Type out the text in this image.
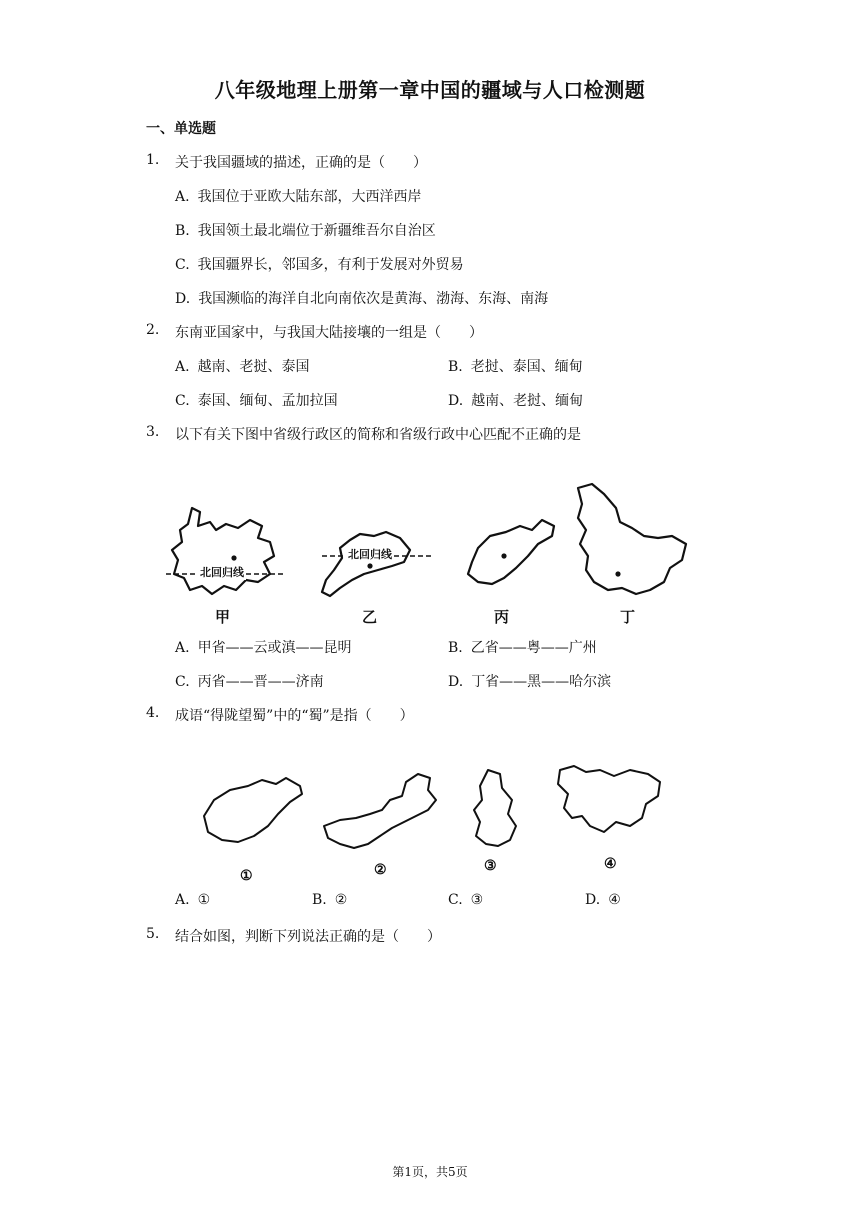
八年级地理上册第一章中国的疆域与人口检测题
一、单选题
1. 关于我国疆域的描述，正确的是（　　）
A. 我国位于亚欧大陆东部，大西洋西岸
B. 我国领土最北端位于新疆维吾尔自治区
C. 我国疆界长，邻国多，有利于发展对外贸易
D. 我国濒临的海洋自北向南依次是黄海、渤海、东海、南海
2. 东南亚国家中，与我国大陆接壤的一组是（　　）
A. 越南、老挝、泰国	B. 老挝、泰国、缅甸
C. 泰国、缅甸、孟加拉国	D. 越南、老挝、缅甸
3. 以下有关下图中省级行政区的简称和省级行政中心匹配不正确的是
北回归线
北回归线
甲	乙	丙	丁
A. 甲省——云或滇——昆明	B. 乙省——粤——广州
C. 丙省——晋——济南	D. 丁省——黑——哈尔滨
4. 成语“得陇望蜀”中的“蜀”是指（　　）
①	②	③	④
A. ①	B. ②	C. ③	D. ④
5. 结合如图，判断下列说法正确的是（　　）
第1页，共5页
